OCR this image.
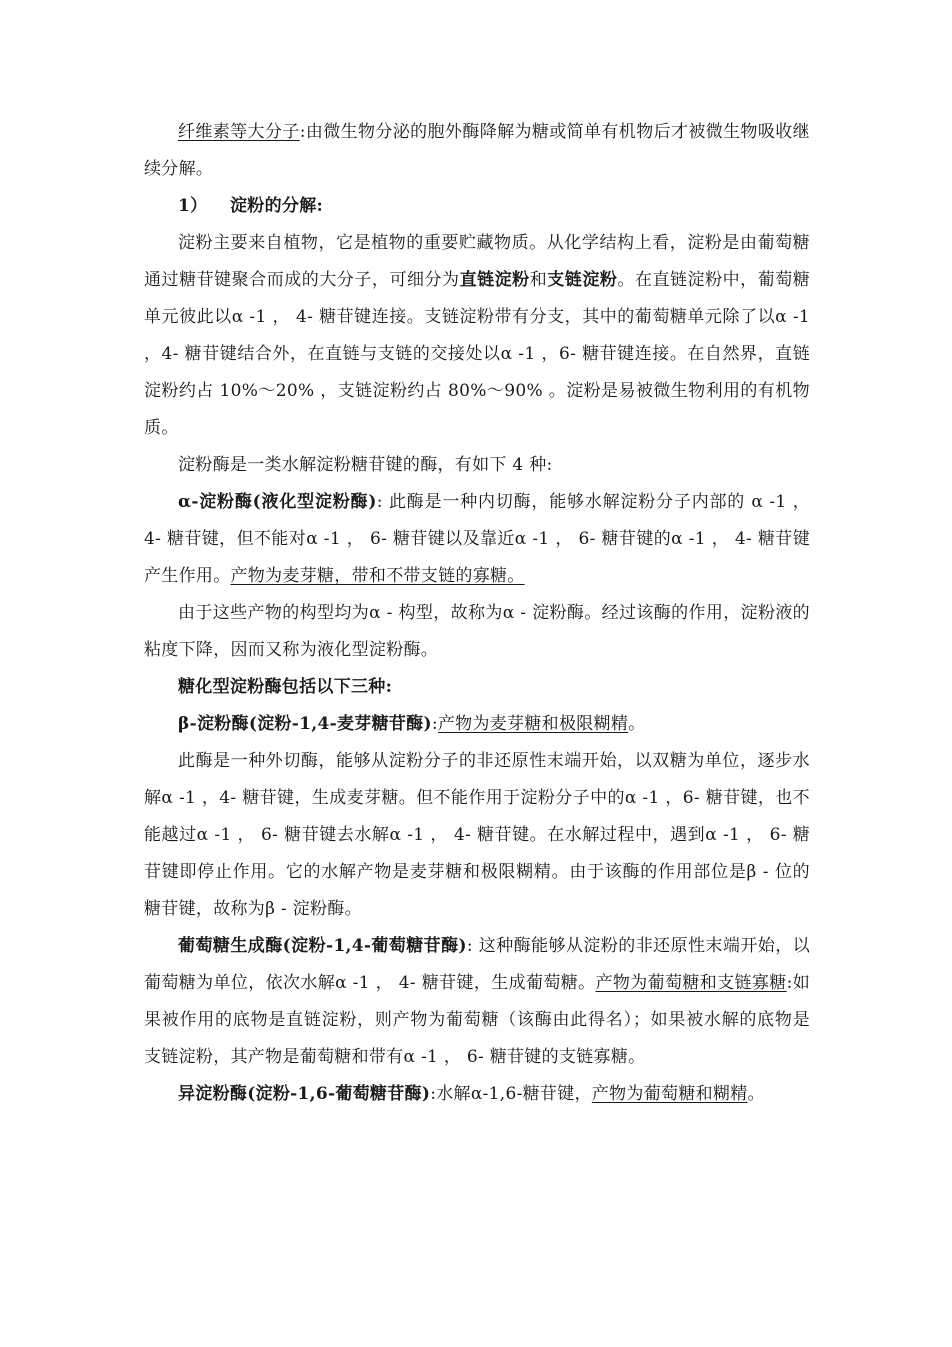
纤维素等大分子:由微生物分泌的胞外酶降解为糖或简单有机物后才被微生物吸收继续分解。

1） 淀粉的分解:

淀粉主要来自植物，它是植物的重要贮藏物质。从化学结构上看，淀粉是由葡萄糖通过糖苷键聚合而成的大分子，可细分为直链淀粉和支链淀粉。在直链淀粉中，葡萄糖单元彼此以α -1 ， 4- 糖苷键连接。支链淀粉带有分支，其中的葡萄糖单元除了以α -1 ，4- 糖苷键结合外，在直链与支链的交接处以α -1 ，6- 糖苷键连接。在自然界，直链淀粉约占 10%～20% ，支链淀粉约占 80%～90% 。淀粉是易被微生物利用的有机物质。

淀粉酶是一类水解淀粉糖苷键的酶，有如下 4 种:

α-淀粉酶(液化型淀粉酶): 此酶是一种内切酶，能够水解淀粉分子内部的 α -1 ， 4- 糖苷键，但不能对α -1 ， 6- 糖苷键以及靠近α -1 ， 6- 糖苷键的α -1 ， 4- 糖苷键产生作用。产物为麦芽糖，带和不带支链的寡糖。

由于这些产物的构型均为α - 构型，故称为α - 淀粉酶。经过该酶的作用，淀粉液的粘度下降，因而又称为液化型淀粉酶。

糖化型淀粉酶包括以下三种:

β-淀粉酶(淀粉-1,4-麦芽糖苷酶):产物为麦芽糖和极限糊精。

此酶是一种外切酶，能够从淀粉分子的非还原性末端开始，以双糖为单位，逐步水解α -1 ，4- 糖苷键，生成麦芽糖。但不能作用于淀粉分子中的α -1 ，6- 糖苷键，也不能越过α -1 ， 6- 糖苷键去水解α -1 ， 4- 糖苷键。在水解过程中，遇到α -1 ， 6- 糖苷键即停止作用。它的水解产物是麦芽糖和极限糊精。由于该酶的作用部位是β - 位的糖苷键，故称为β - 淀粉酶。

葡萄糖生成酶(淀粉-1,4-葡萄糖苷酶): 这种酶能够从淀粉的非还原性末端开始，以葡萄糖为单位，依次水解α -1 ， 4- 糖苷键，生成葡萄糖。产物为葡萄糖和支链寡糖:如果被作用的底物是直链淀粉，则产物为葡萄糖（该酶由此得名）；如果被水解的底物是支链淀粉，其产物是葡萄糖和带有α -1 ， 6- 糖苷键的支链寡糖。

异淀粉酶(淀粉-1,6-葡萄糖苷酶):水解α-1,6-糖苷键，产物为葡萄糖和糊精。
